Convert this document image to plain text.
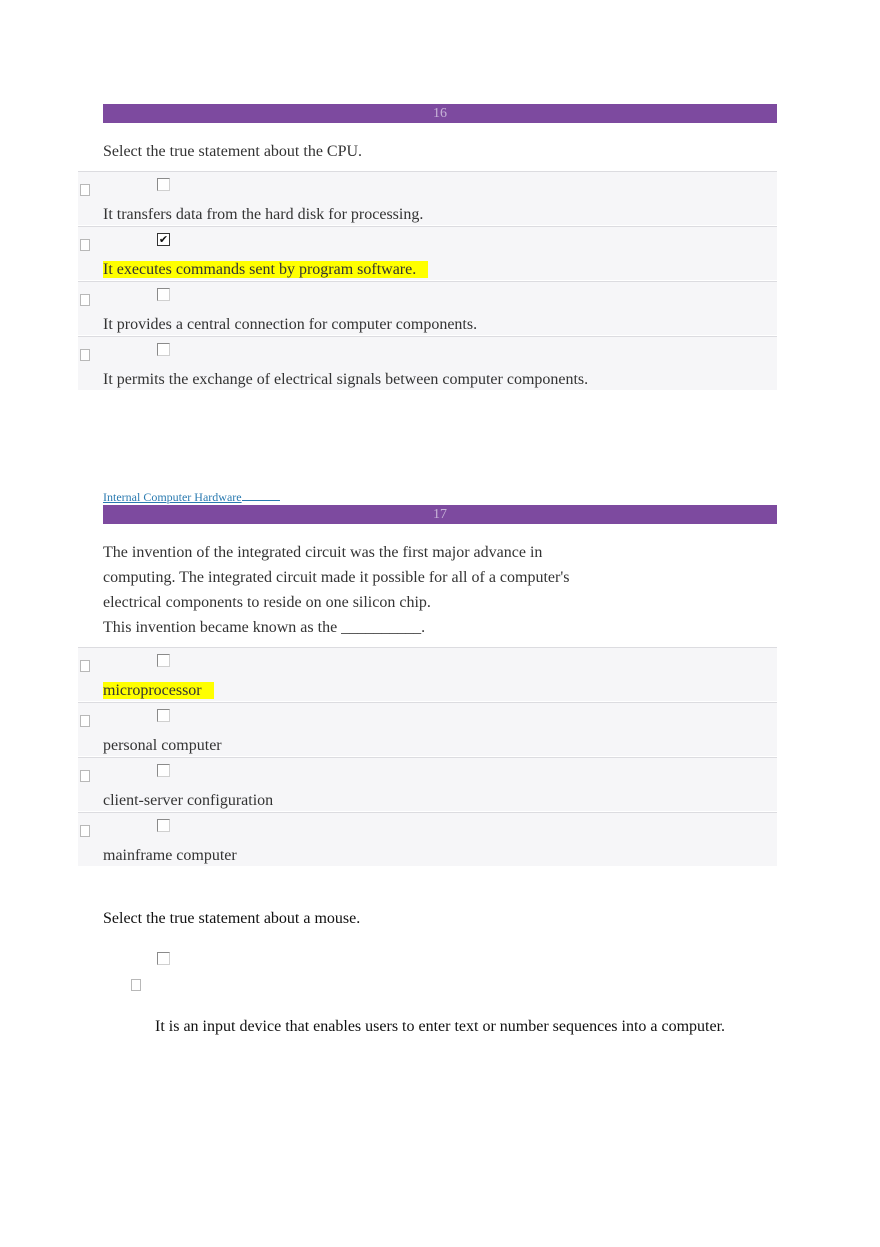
16
Select the true statement about the CPU.
It transfers data from the hard disk for processing.
✔
It executes commands sent by program software.
It provides a central connection for computer components.
It permits the exchange of electrical signals between computer components.
Internal Computer Hardware
17
The invention of the integrated circuit was the first major advance in
computing. The integrated circuit made it possible for all of a computer's
electrical components to reside on one silicon chip.
This invention became known as the __________.
microprocessor
personal computer
client-server configuration
mainframe computer
Select the true statement about a mouse.
It is an input device that enables users to enter text or number sequences into a computer.
